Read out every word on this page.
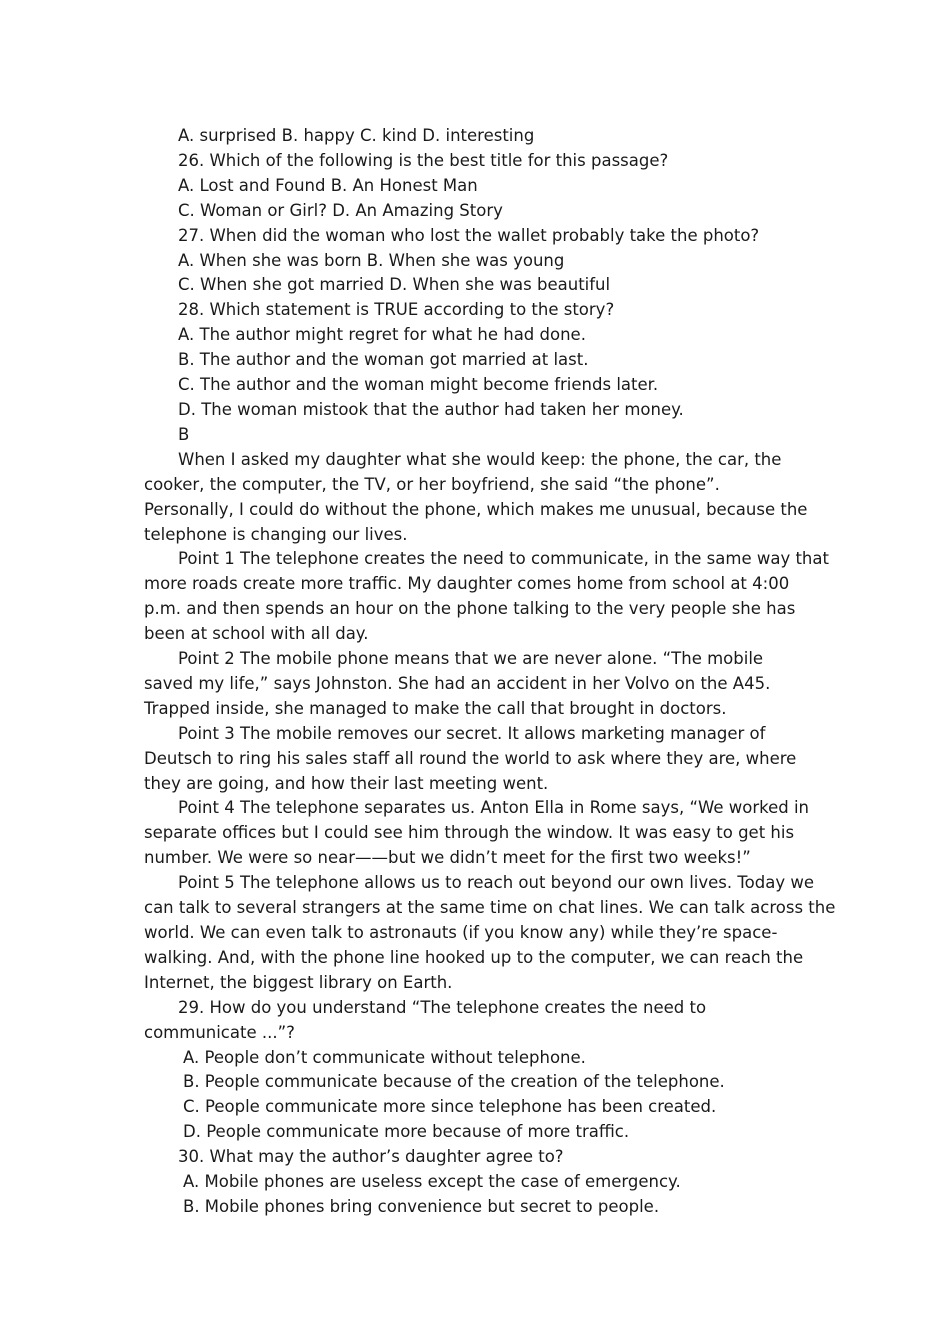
A. surprised B. happy C. kind D. interesting

26. Which of the following is the best title for this passage?

A. Lost and Found B. An Honest Man

C. Woman or Girl? D. An Amazing Story

27. When did the woman who lost the wallet probably take the photo?

A. When she was born B. When she was young

C. When she got married D. When she was beautiful

28. Which statement is TRUE according to the story?

A. The author might regret for what he had done.

B. The author and the woman got married at last.

C. The author and the woman might become friends later.

D. The woman mistook that the author had taken her money.

B

When I asked my daughter what she would keep: the phone, the car, the

cooker, the computer, the TV, or her boyfriend, she said “the phone”.

Personally, I could do without the phone, which makes me unusual, because the

telephone is changing our lives.

Point 1 The telephone creates the need to communicate, in the same way that

more roads create more traffic. My daughter comes home from school at 4:00

p.m. and then spends an hour on the phone talking to the very people she has

been at school with all day.

Point 2 The mobile phone means that we are never alone. “The mobile

saved my life,” says Johnston. She had an accident in her Volvo on the A45.

Trapped inside, she managed to make the call that brought in doctors.

Point 3 The mobile removes our secret. It allows marketing manager of

Deutsch to ring his sales staff all round the world to ask where they are, where

they are going, and how their last meeting went.

Point 4 The telephone separates us. Anton Ella in Rome says, “We worked in

separate offices but I could see him through the window. It was easy to get his

number. We were so near——but we didn’t meet for the first two weeks!”

Point 5 The telephone allows us to reach out beyond our own lives. Today we

can talk to several strangers at the same time on chat lines. We can talk across the

world. We can even talk to astronauts (if you know any) while they’re space-

walking. And, with the phone line hooked up to the computer, we can reach the

Internet, the biggest library on Earth.

29. How do you understand “The telephone creates the need to

communicate ...”?

A. People don’t communicate without telephone.

B. People communicate because of the creation of the telephone.

C. People communicate more since telephone has been created.

D. People communicate more because of more traffic.

30. What may the author’s daughter agree to?

A. Mobile phones are useless except the case of emergency.

B. Mobile phones bring convenience but secret to people.
